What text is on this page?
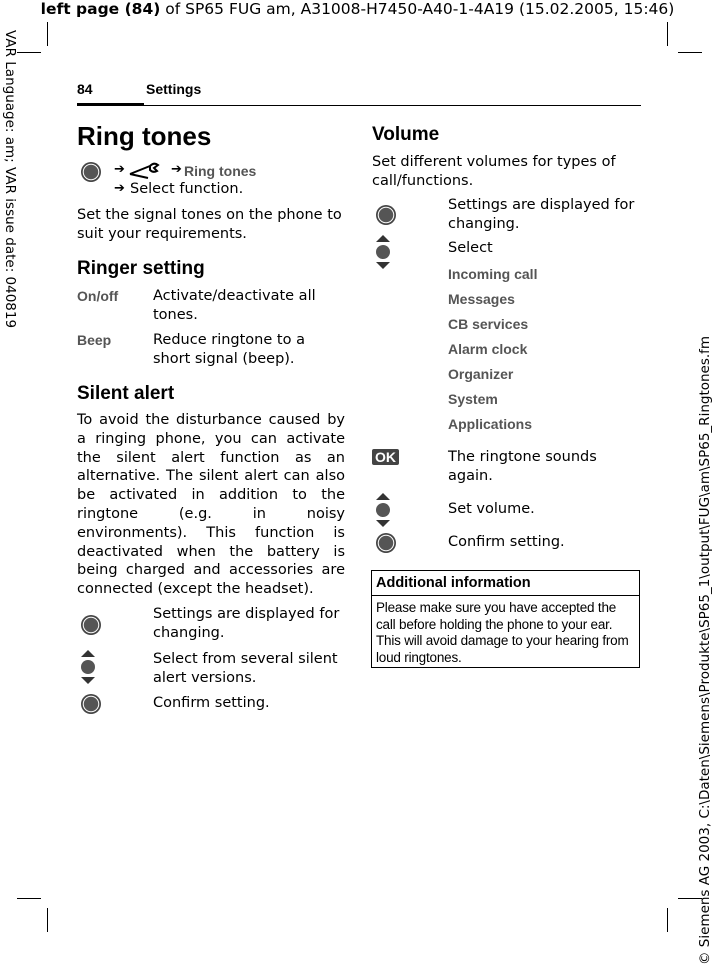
left page (84) of SP65 FUG am, A31008-H7450-A40-1-4A19 (15.02.2005, 15:46)
VAR Language: am; VAR issue date: 040819
© Siemens AG 2003, C:\Daten\Siemens\Produkte\SP65_1\output\FUG\am\SP65_Ringtones.fm
84	Settings
Ring tones
➔	➔ Ring tones
➔ Select function.

Set the signal tones on the phone to suit your requirements.

Ringer setting
On/off Activate/deactivate all tones.
Beep	Reduce ringtone to a short signal (beep).
Silent alert

To avoid the disturbance caused by a ringing phone, you can activate the silent alert function as an alternative. The silent alert can also be activated in addition to the ringtone (e.g. in noisy environments). This function is deactivated when the battery is being charged and accessories are connected (except the headset).

Settings are displayed for changing.
Select from several silent alert versions.
Confirm setting.
Volume

Set different volumes for types of call/functions.

Settings are displayed for changing.
Select
Incoming call
Messages
CB services
Alarm clock
Organizer
System
Applications
OK	The ringtone sounds again.
Set volume.
Confirm setting.
Additional information
Please make sure you have accepted the call before holding the phone to your ear. This will avoid damage to your hearing from loud ringtones.
